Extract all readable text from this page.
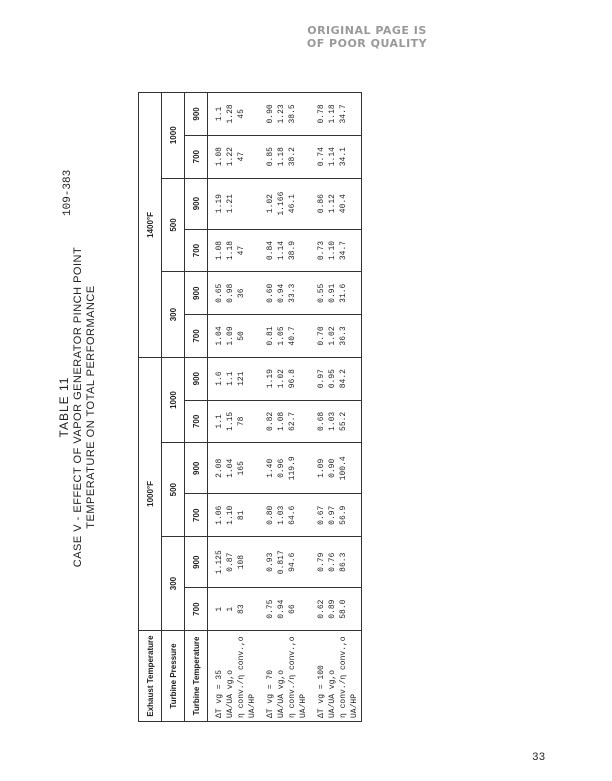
ORIGINAL PAGE IS
OF POOR QUALITY
109-383
TABLE 11 CASE V - EFFECT OF VAPOR GENERATOR PINCH POINT TEMPERATURE ON TOTAL PERFORMANCE
Exhaust Temperature	1000°F						1400°F					
Turbine Pressure	300		500		1000		300		500		1000	
Turbine Temperature	700	900	700	900	700	900	700	900	700	900	700	900

ΔT vg = 35 UA/UA vg,o η conv./η conv.,o UA/HP	1 1 83	1.125 0.87 108	1.06 1.10 81	2.08 1.04 165	1.1 1.15 78	1.6 1.1 121	1.04 1.09 50	0.65 0.98 36	1.08 1.18 47	1.19 1.21	1.08 1.22 47	1.1 1.28 45

ΔT vg = 70 UA/UA vg,o η conv./η conv.,o UA/HP	0.75 0.94 66	0.93 0.817 94.6	0.80 1.03 64.6	1.40 0.96 119.9	0.82 1.08 62.7	1.19 1.02 96.8	0.81 1.05 40.7	0.60 0.94 33.3	0.84 1.14 38.9	1.02 1.166 46.1	0.85 1.18 38.2	0.90 1.23 38.5

ΔT vg = 100 UA/UA vg,o η conv./η conv.,o UA/HP	0.62 0.89 58.0	0.79 0.76 86.3	0.67 0.97 56.9	1.09 0.90 100.4	0.68 1.03 55.2	0.97 0.95 84.2	0.70 1.02 36.3	0.55 0.91 31.6	0.73 1.10 34.7	0.86 1.12 40.4	0.74 1.14 34.1	0.78 1.18 34.7
33
